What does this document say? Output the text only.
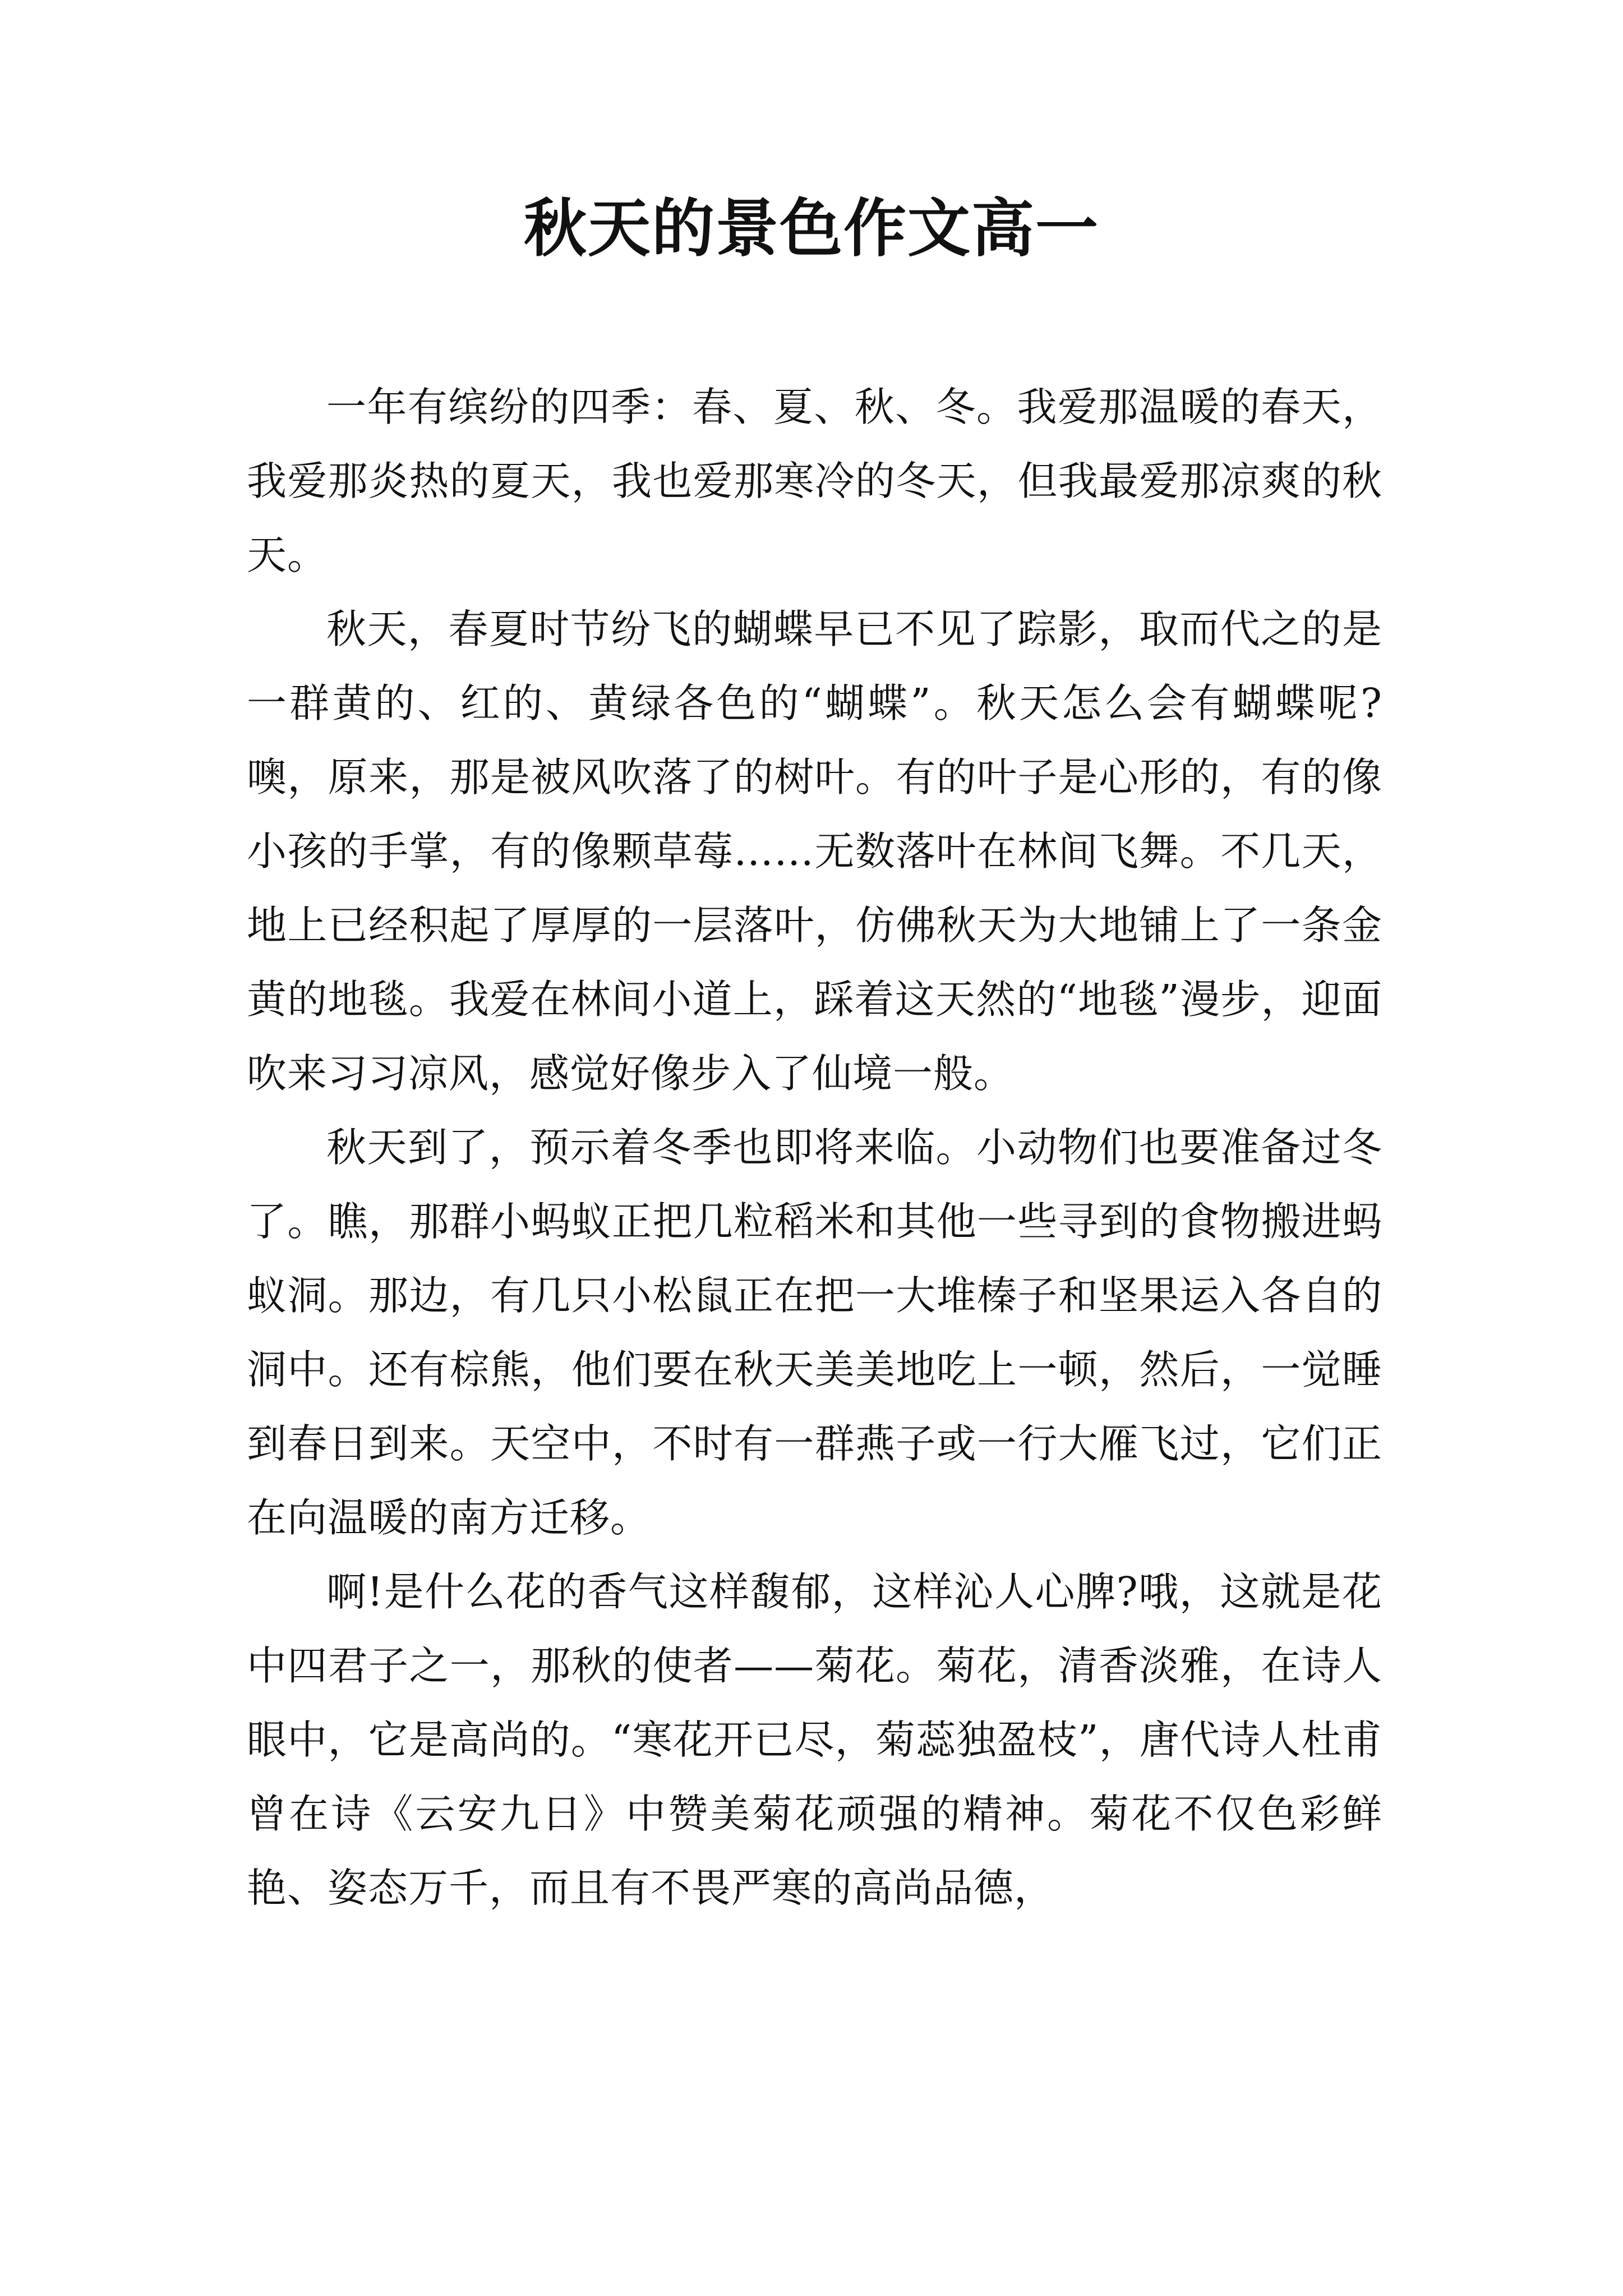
秋天的景色作文高一

一年有缤纷的四季：春、夏、秋、冬。我爱那温暖的春天，我爱那炎热的夏天，我也爱那寒冷的冬天，但我最爱那凉爽的秋天。

秋天，春夏时节纷飞的蝴蝶早已不见了踪影，取而代之的是一群黄的、红的、黄绿各色的“蝴蝶”。秋天怎么会有蝴蝶呢?噢，原来，那是被风吹落了的树叶。有的叶子是心形的，有的像小孩的手掌，有的像颗草莓……无数落叶在林间飞舞。不几天，地上已经积起了厚厚的一层落叶，仿佛秋天为大地铺上了一条金黄的地毯。我爱在林间小道上，踩着这天然的“地毯”漫步，迎面吹来习习凉风，感觉好像步入了仙境一般。

秋天到了，预示着冬季也即将来临。小动物们也要准备过冬了。瞧，那群小蚂蚁正把几粒稻米和其他一些寻到的食物搬进蚂蚁洞。那边，有几只小松鼠正在把一大堆榛子和坚果运入各自的洞中。还有棕熊，他们要在秋天美美地吃上一顿，然后，一觉睡到春日到来。天空中，不时有一群燕子或一行大雁飞过，它们正在向温暖的南方迁移。

啊!是什么花的香气这样馥郁，这样沁人心脾?哦，这就是花中四君子之一，那秋的使者——菊花。菊花，清香淡雅，在诗人眼中，它是高尚的。“寒花开已尽，菊蕊独盈枝”，唐代诗人杜甫曾在诗《云安九日》中赞美菊花顽强的精神。菊花不仅色彩鲜艳、姿态万千，而且有不畏严寒的高尚品德，
